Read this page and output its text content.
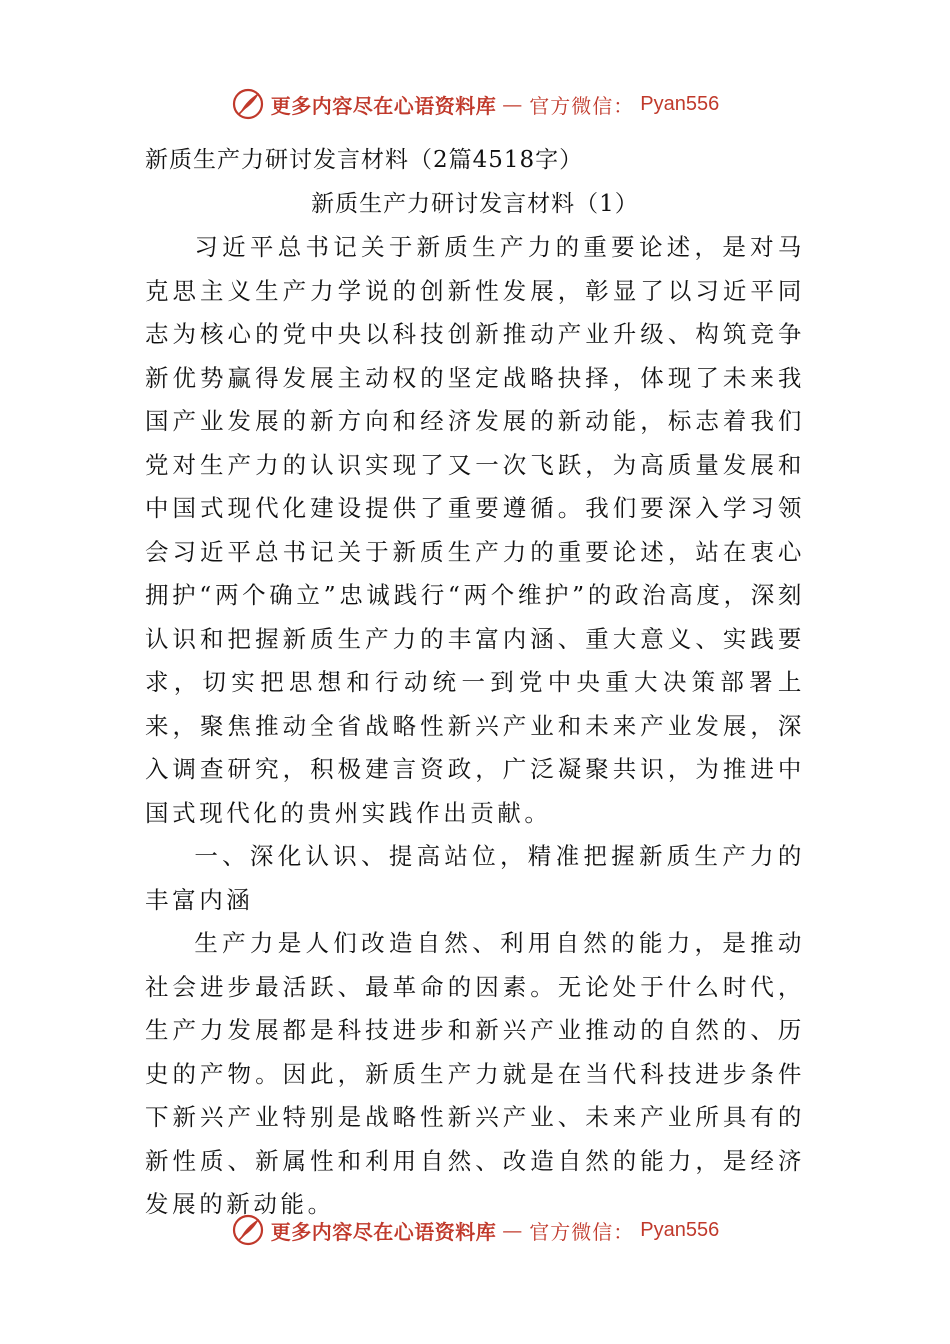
更多内容尽在心语资料库 — 官方微信： Pyan556
新质生产力研讨发言材料（2篇4518字）
新质生产力研讨发言材料（1）

习近平总书记关于新质生产力的重要论述，是对马克思主义生产力学说的创新性发展，彰显了以习近平同志为核心的党中央以科技创新推动产业升级、构筑竞争新优势赢得发展主动权的坚定战略抉择，体现了未来我国产业发展的新方向和经济发展的新动能，标志着我们党对生产力的认识实现了又一次飞跃，为高质量发展和中国式现代化建设提供了重要遵循。我们要深入学习领会习近平总书记关于新质生产力的重要论述，站在衷心拥护“两个确立”忠诚践行“两个维护”的政治高度，深刻认识和把握新质生产力的丰富内涵、重大意义、实践要求，切实把思想和行动统一到党中央重大决策部署上来，聚焦推动全省战略性新兴产业和未来产业发展，深入调查研究，积极建言资政，广泛凝聚共识，为推进中国式现代化的贵州实践作出贡献。

一、深化认识、提高站位，精准把握新质生产力的丰富内涵

生产力是人们改造自然、利用自然的能力，是推动社会进步最活跃、最革命的因素。无论处于什么时代，生产力发展都是科技进步和新兴产业推动的自然的、历史的产物。因此，新质生产力就是在当代科技进步条件下新兴产业特别是战略性新兴产业、未来产业所具有的新性质、新属性和利用自然、改造自然的能力，是经济发展的新动能。

更多内容尽在心语资料库 — 官方微信： Pyan556
